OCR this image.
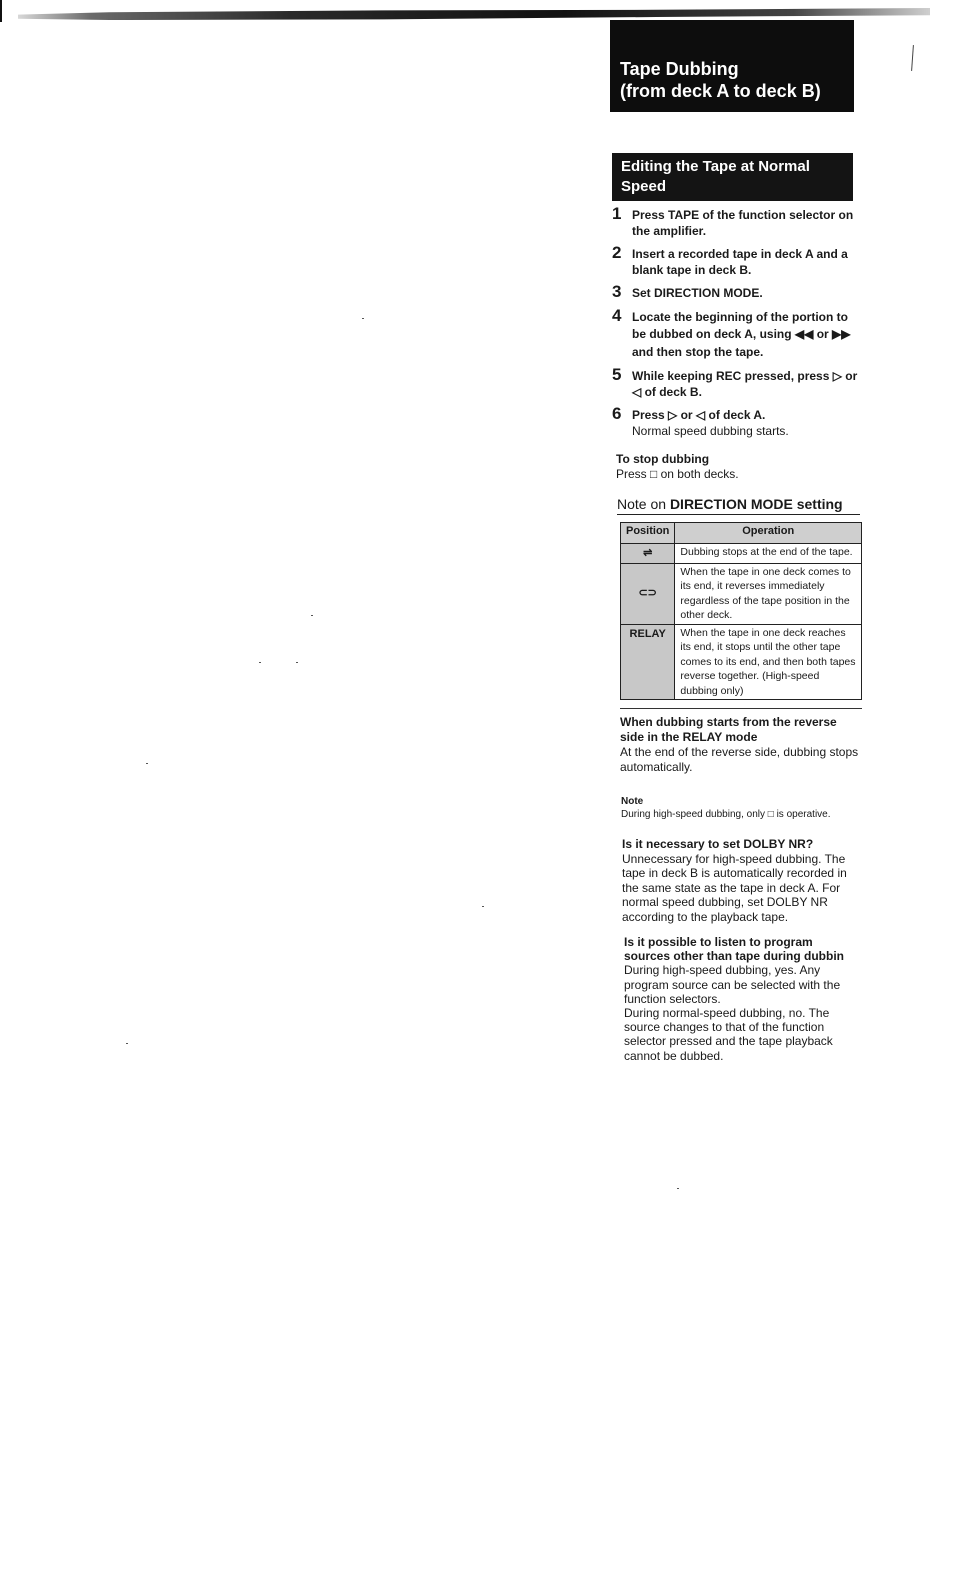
Tape Dubbing
(from deck A to deck B)
Editing the Tape at Normal Speed
1 Press TAPE of the function selector on the amplifier.
2 Insert a recorded tape in deck A and a blank tape in deck B.
3 Set DIRECTION MODE.
4 Locate the beginning of the portion to be dubbed on deck A, using ◀◀ or ▶▶ and then stop the tape.
5 While keeping REC pressed, press ▷ or ◁ of deck B.
6 Press ▷ or ◁ of deck A.
Normal speed dubbing starts.
To stop dubbing
Press □ on both decks.
Note on DIRECTION MODE setting
Position	Operation
⇌	Dubbing stops at the end of the tape.
⊂⊃	When the tape in one deck comes to its end, it reverses immediately regardless of the tape position in the other deck.
RELAY	When the tape in one deck reaches its end, it stops until the other tape comes to its end, and then both tapes reverse together. (High-speed dubbing only)
When dubbing starts from the reverse side in the RELAY mode
At the end of the reverse side, dubbing stops automatically.
Note
During high-speed dubbing, only □ is operative.
Is it necessary to set DOLBY NR?
Unnecessary for high-speed dubbing. The tape in deck B is automatically recorded in the same state as the tape in deck A. For normal speed dubbing, set DOLBY NR according to the playback tape.
Is it possible to listen to program sources other than tape during dubbin
During high-speed dubbing, yes. Any program source can be selected with the function selectors.
During normal-speed dubbing, no. The source changes to that of the function selector pressed and the tape playback cannot be dubbed.
